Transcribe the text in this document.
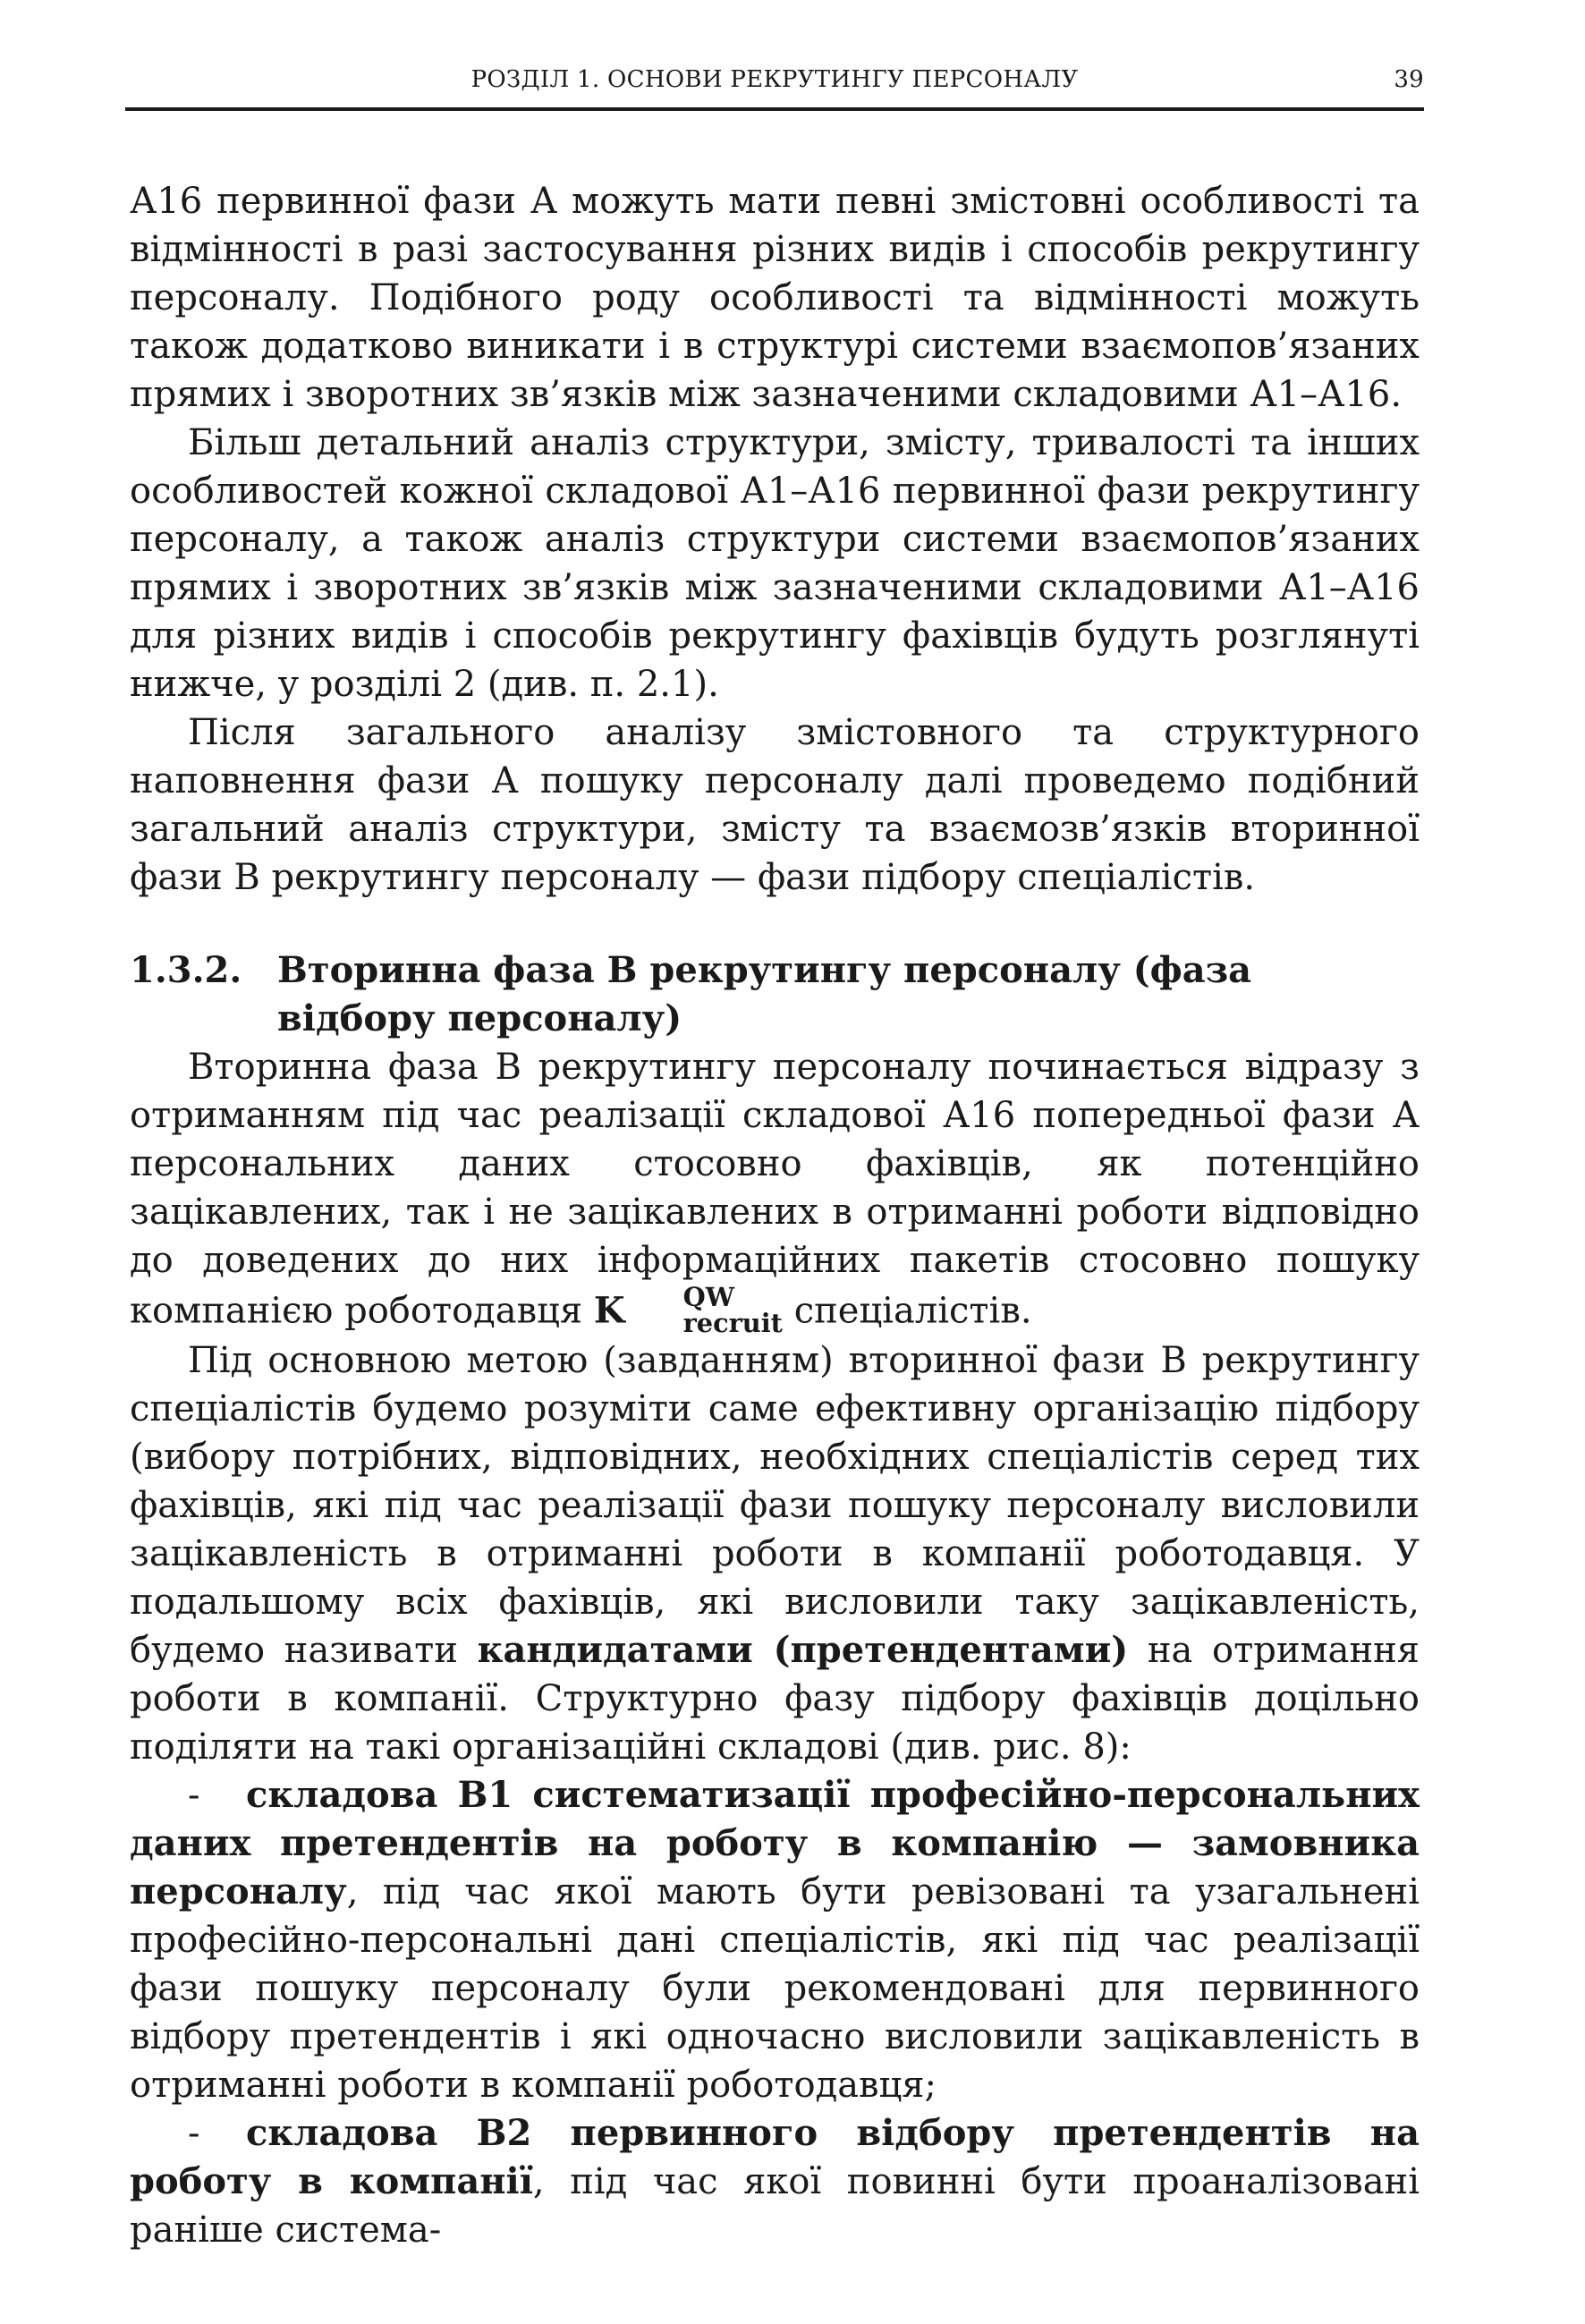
РОЗДІЛ 1. ОСНОВИ РЕКРУТИНГУ ПЕРСОНАЛУ	39

А16 первинної фази А можуть мати певні змістовні особливості та відмінності в разі застосування різних видів і способів рекрутингу персоналу. Подібного роду особливості та відмінності можуть також додатково виникати і в структурі системи взаємопов’язаних прямих і зворотних зв’язків між зазначеними складовими А1–А16.

Більш детальний аналіз структури, змісту, тривалості та інших особливостей кожної складової А1–А16 первинної фази рекрутингу персоналу, а також аналіз структури системи взаємопов’язаних прямих і зворотних зв’язків між зазначеними складовими А1–А16 для різних видів і способів рекрутингу фахівців будуть розглянуті нижче, у розділі 2 (див. п. 2.1).

Після загального аналізу змістовного та структурного наповнення фази А пошуку персоналу далі проведемо подібний загальний аналіз структури, змісту та взаємозв’язків вторинної фази В рекрутингу персоналу — фази підбору спеціалістів.

1.3.2. Вторинна фаза В рекрутингу персоналу (фаза відбору персоналу)

Вторинна фаза В рекрутингу персоналу починається відразу з отриманням під час реалізації складової А16 попередньої фази А персональних даних стосовно фахівців, як потенційно зацікавлених, так і не зацікавлених в отриманні роботи відповідно до доведених до них інформаційних пакетів стосовно пошуку компанією роботодавця K	QW
recruit спеціалістів.

Під основною метою (завданням) вторинної фази В рекрутингу спеціалістів будемо розуміти саме ефективну організацію підбору (вибору потрібних, відповідних, необхідних спеціалістів серед тих фахівців, які під час реалізації фази пошуку персоналу висловили зацікавленість в отриманні роботи в компанії роботодавця. У подальшому всіх фахівців, які висловили таку зацікавленість, будемо називати кандидатами (претендентами) на отримання роботи в компанії. Структурно фазу підбору фахівців доцільно поділяти на такі організаційні складові (див. рис. 8):

- складова В1 систематизації професійно-персональних даних претендентів на роботу в компанію — замовника персоналу, під час якої мають бути ревізовані та узагальнені професійно-персональні дані спеціалістів, які під час реалізації фази пошуку персоналу були рекомендовані для первинного відбору претендентів і які одночасно висловили зацікавленість в отриманні роботи в компанії роботодавця;

- складова В2 первинного відбору претендентів на роботу в компанії, під час якої повинні бути проаналізовані раніше система-
